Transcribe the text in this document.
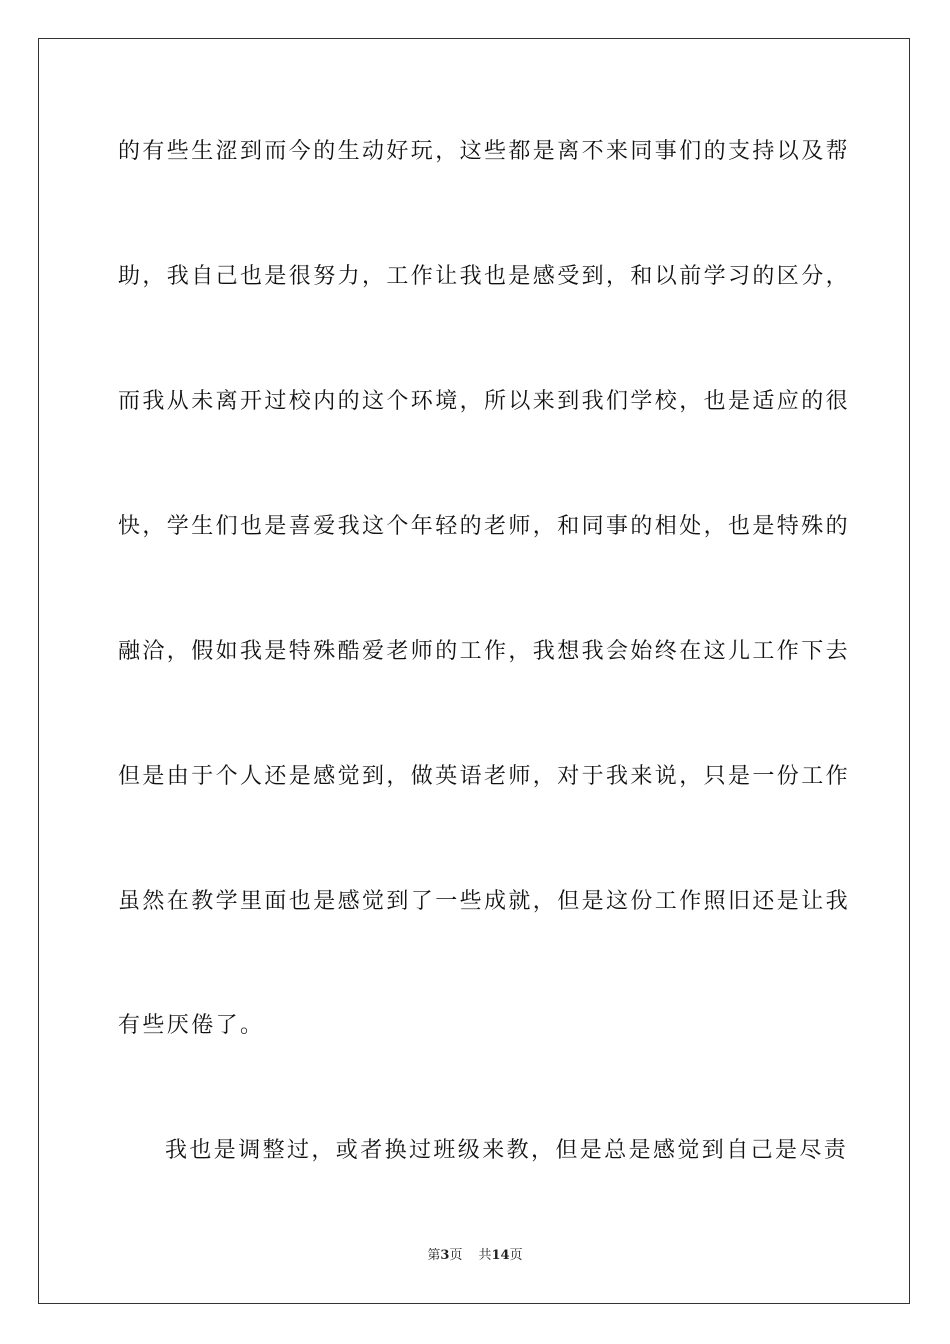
的有些生涩到而今的生动好玩，这些都是离不来同事们的支持以及帮
助，我自己也是很努力，工作让我也是感受到，和以前学习的区分，
而我从未离开过校内的这个环境，所以来到我们学校，也是适应的很
快，学生们也是喜爱我这个年轻的老师，和同事的相处，也是特殊的
融洽，假如我是特殊酷爱老师的工作，我想我会始终在这儿工作下去
但是由于个人还是感觉到，做英语老师，对于我来说，只是一份工作
虽然在教学里面也是感觉到了一些成就，但是这份工作照旧还是让我
有些厌倦了。
我也是调整过，或者换过班级来教，但是总是感觉到自己是尽责
第3页 共14页
